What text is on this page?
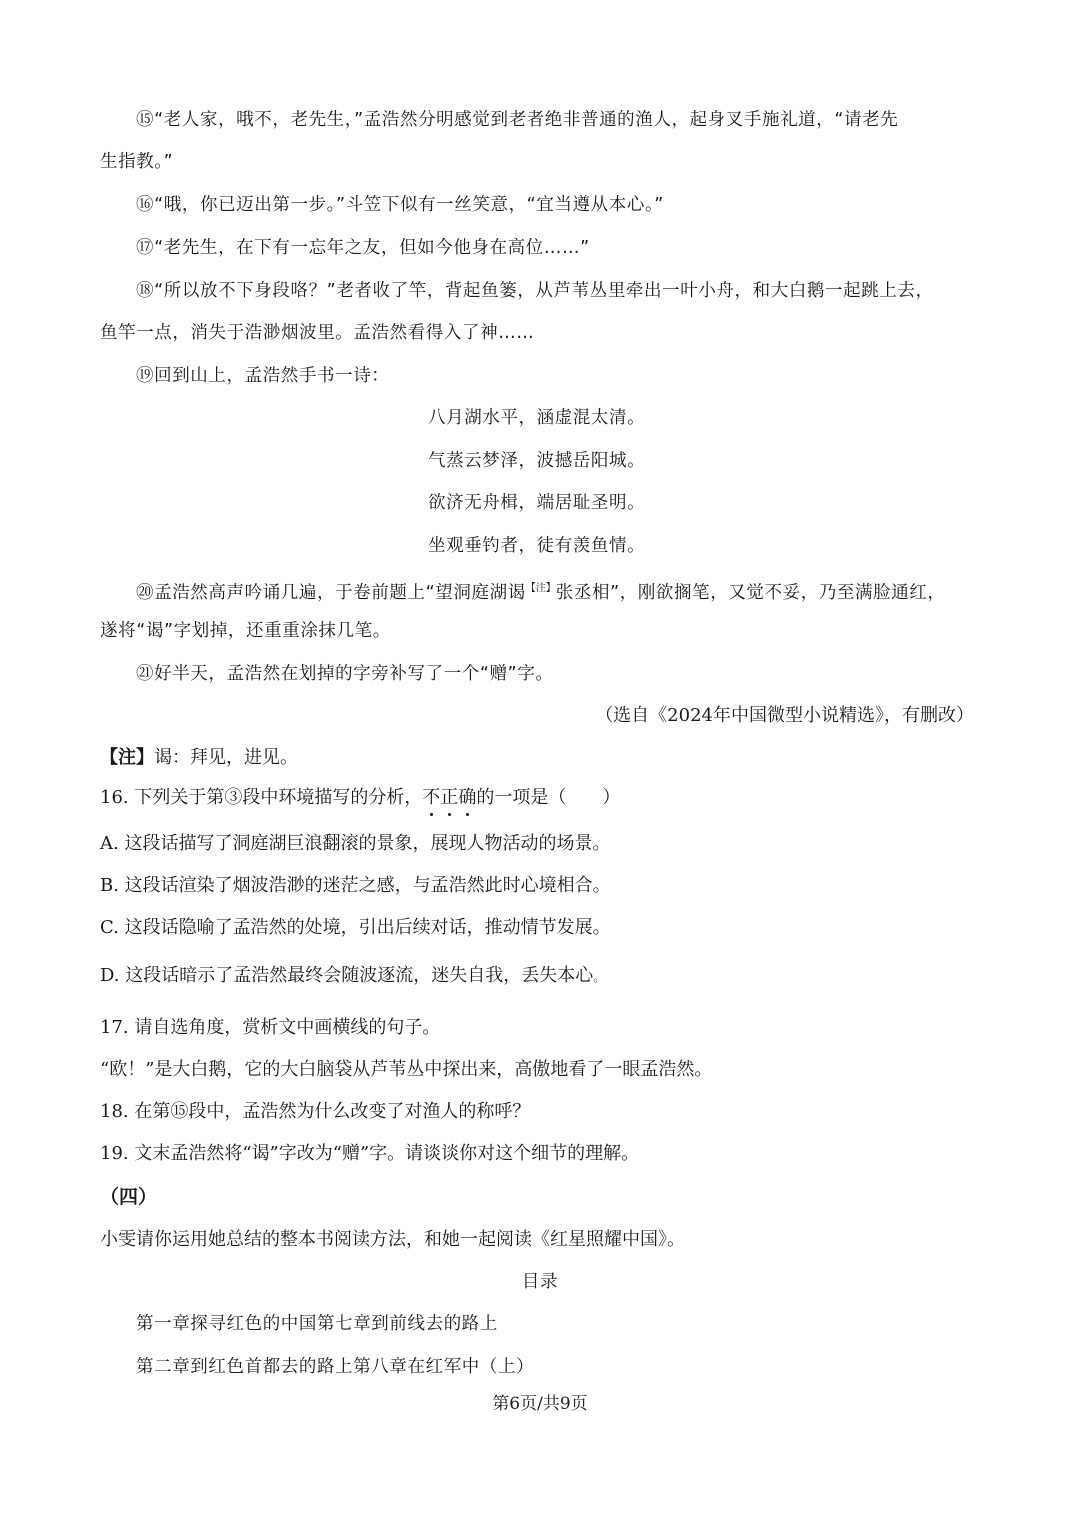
⑮“老人家，哦不，老先生，”孟浩然分明感觉到老者绝非普通的渔人，起身叉手施礼道，“请老先
生指教。”
⑯“哦，你已迈出第一步。”斗笠下似有一丝笑意，“宜当遵从本心。”
⑰“老先生，在下有一忘年之友，但如今他身在高位……”
⑱“所以放不下身段咯？”老者收了竿，背起鱼篓，从芦苇丛里牵出一叶小舟，和大白鹅一起跳上去，
鱼竿一点，消失于浩渺烟波里。孟浩然看得入了神……
⑲回到山上，孟浩然手书一诗：
八月湖水平，涵虚混太清。
气蒸云梦泽，波撼岳阳城。
欲济无舟楫，端居耻圣明。
坐观垂钓者，徒有羡鱼情。
⑳孟浩然高声吟诵几遍，于卷前题上“望洞庭湖谒$^{【注】}$张丞相”，刚欲搁笔，又觉不妥，乃至满脸通红，
遂将“谒”字划掉，还重重涂抹几笔。
㉑好半天，孟浩然在划掉的字旁补写了一个“赠”字。
（选自《2024年中国微型小说精选》，有删改）
【注】谒：拜见，进见。
16. 下列关于第③段中环境描写的分析，不正确的一项是（　　）
A. 这段话描写了洞庭湖巨浪翻滚的景象，展现人物活动的场景。
B. 这段话渲染了烟波浩渺的迷茫之感，与孟浩然此时心境相合。
C. 这段话隐喻了孟浩然的处境，引出后续对话，推动情节发展。
D. 这段话暗示了孟浩然最终会随波逐流，迷失自我，丢失本心。
17. 请自选角度，赏析文中画横线的句子。
“欧！”是大白鹅，它的大白脑袋从芦苇丛中探出来，高傲地看了一眼孟浩然。
18. 在第⑮段中，孟浩然为什么改变了对渔人的称呼？
19. 文末孟浩然将“谒”字改为“赠”字。请谈谈你对这个细节的理解。
（四）
小雯请你运用她总结的整本书阅读方法，和她一起阅读《红星照耀中国》。
目录
第一章探寻红色的中国第七章到前线去的路上
第二章到红色首都去的路上第八章在红军中（上）
第6页/共9页
